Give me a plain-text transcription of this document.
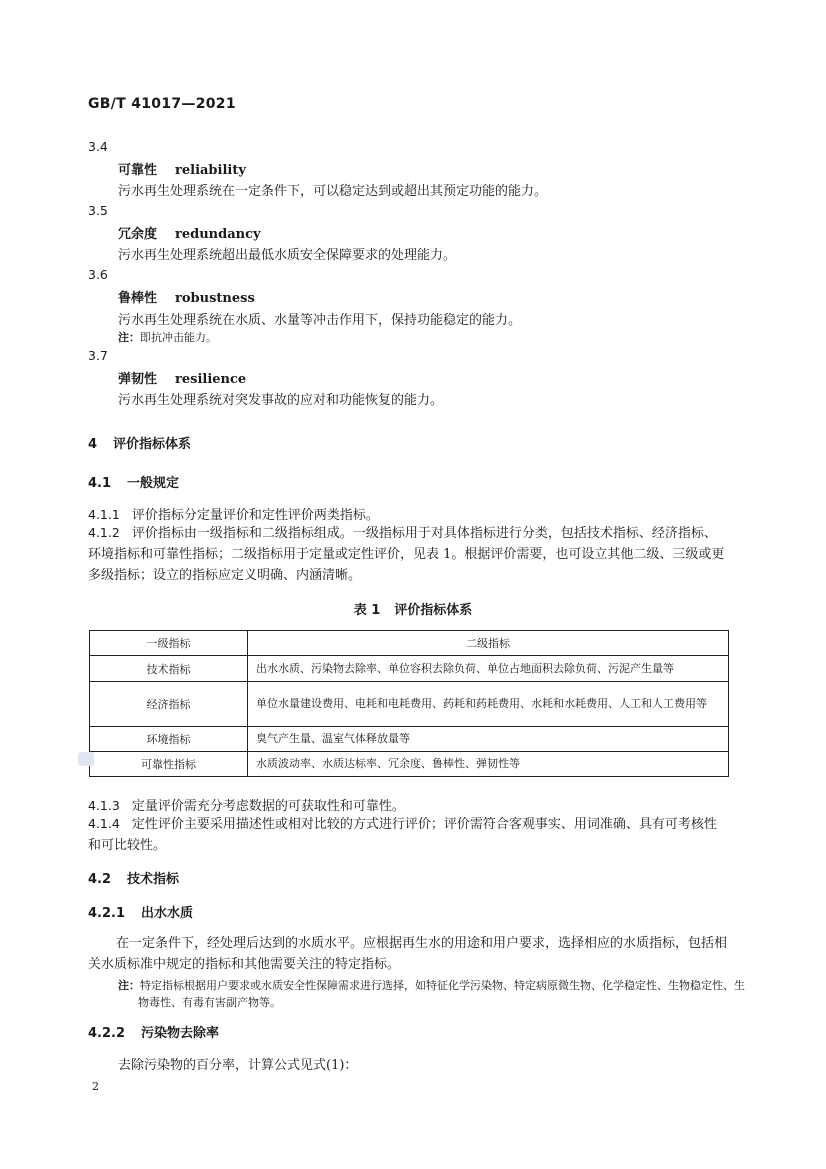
GB/T 41017—2021
3.4
可靠性 reliability
污水再生处理系统在一定条件下，可以稳定达到或超出其预定功能的能力。
3.5
冗余度 redundancy
污水再生处理系统超出最低水质安全保障要求的处理能力。
3.6
鲁棒性 robustness
污水再生处理系统在水质、水量等冲击作用下，保持功能稳定的能力。
注：即抗冲击能力。
3.7
弹韧性 resilience
污水再生处理系统对突发事故的应对和功能恢复的能力。
4 评价指标体系
4.1 一般规定
4.1.1 评价指标分定量评价和定性评价两类指标。
4.1.2 评价指标由一级指标和二级指标组成。一级指标用于对具体指标进行分类，包括技术指标、经济指标、环境指标和可靠性指标；二级指标用于定量或定性评价，见表 1。根据评价需要，也可设立其他二级、三级或更多级指标；设立的指标应定义明确、内涵清晰。
表 1 评价指标体系
一级指标	二级指标
技术指标	出水水质、污染物去除率、单位容积去除负荷、单位占地面积去除负荷、污泥产生量等
经济指标	单位水量建设费用、电耗和电耗费用、药耗和药耗费用、水耗和水耗费用、人工和人工费用等
环境指标	臭气产生量、温室气体释放量等
可靠性指标	水质波动率、水质达标率、冗余度、鲁棒性、弹韧性等
4.1.3 定量评价需充分考虑数据的可获取性和可靠性。
4.1.4 定性评价主要采用描述性或相对比较的方式进行评价；评价需符合客观事实、用词准确、具有可考核性和可比较性。
4.2 技术指标
4.2.1 出水水质
在一定条件下，经处理后达到的水质水平。应根据再生水的用途和用户要求，选择相应的水质指标，包括相关水质标准中规定的指标和其他需要关注的特定指标。
注：特定指标根据用户要求或水质安全性保障需求进行选择，如特征化学污染物、特定病原微生物、化学稳定性、生物稳定性、生物毒性、有毒有害副产物等。
4.2.2 污染物去除率
去除污染物的百分率，计算公式见式(1)：
2
